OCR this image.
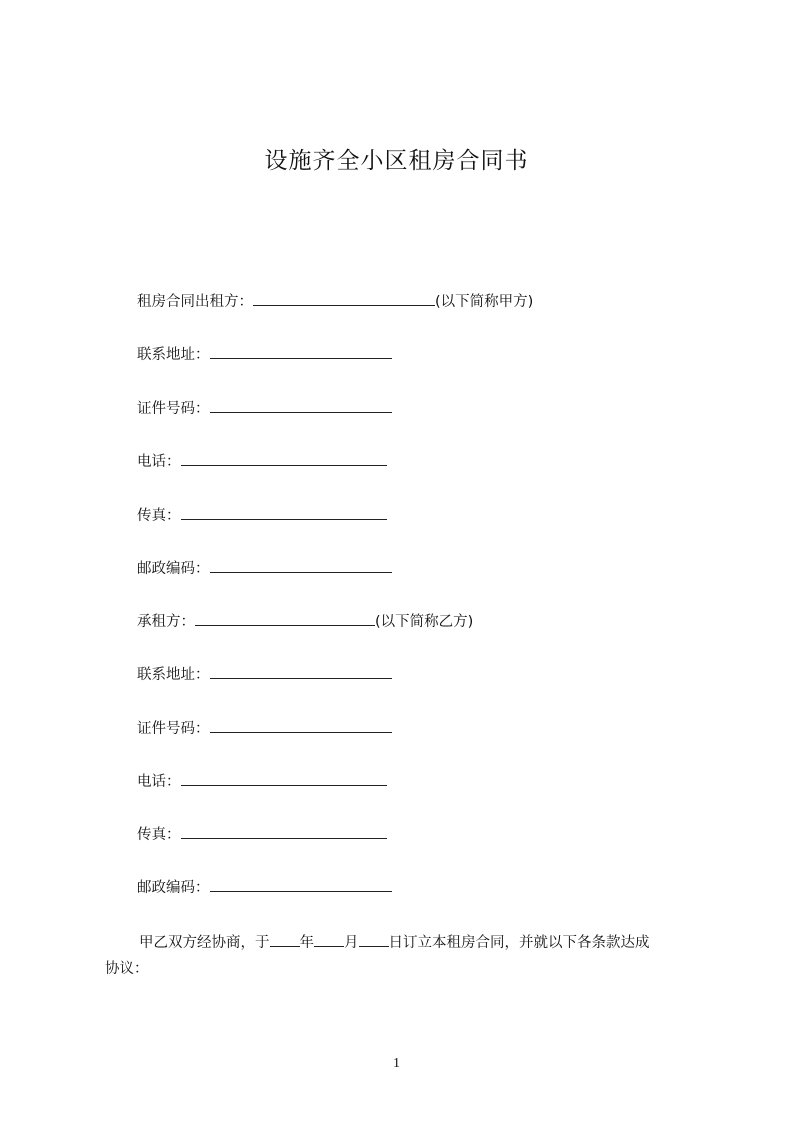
设施齐全小区租房合同书
租房合同出租方：	(以下简称甲方)
联系地址：
证件号码：
电话：
传真：
邮政编码：
承租方：	(以下简称乙方)
联系地址：
证件号码：
电话：
传真：
邮政编码：
甲乙双方经协商，于 年 月 日订立本租房合同，并就以下各条款达成
协议：
1
